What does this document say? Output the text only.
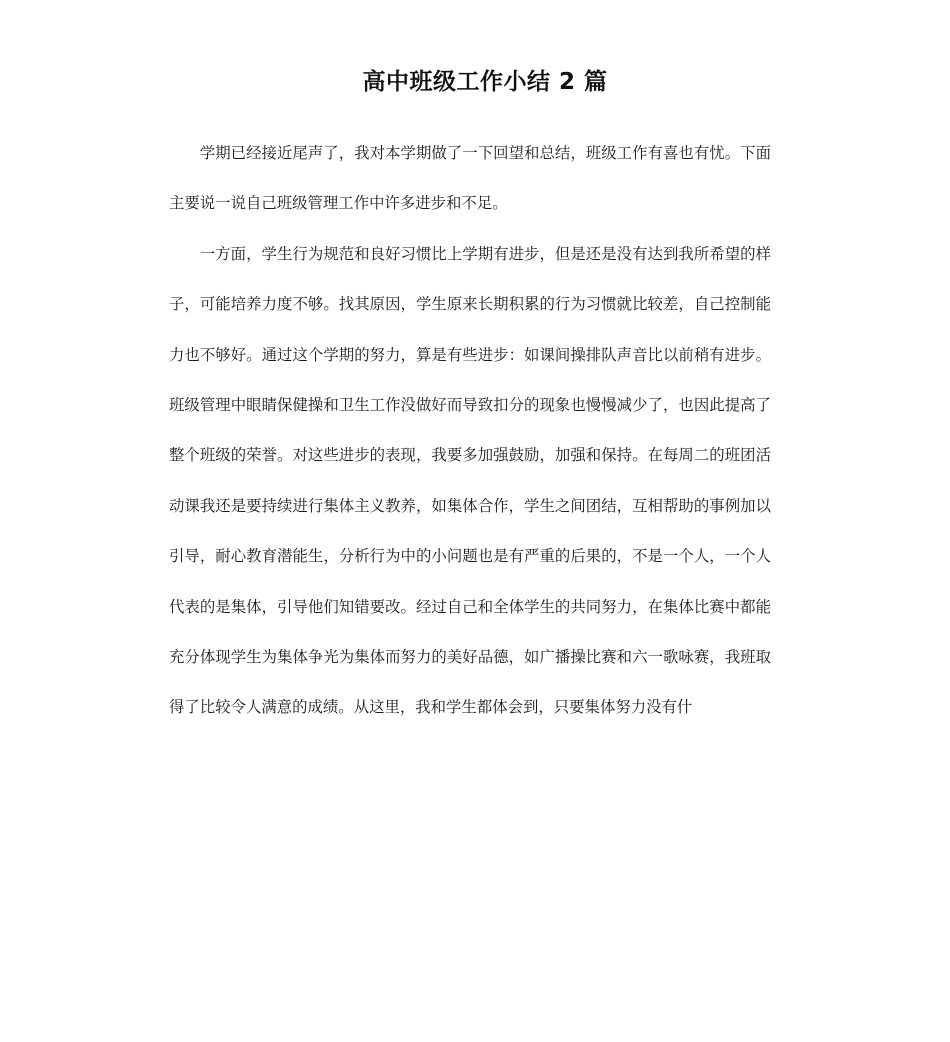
高中班级工作小结 2 篇

学期已经接近尾声了，我对本学期做了一下回望和总结，班级工作有喜也有忧。下面主要说一说自己班级管理工作中许多进步和不足。

一方面，学生行为规范和良好习惯比上学期有进步，但是还是没有达到我所希望的样子，可能培养力度不够。找其原因，学生原来长期积累的行为习惯就比较差，自己控制能力也不够好。通过这个学期的努力，算是有些进步：如课间操排队声音比以前稍有进步。班级管理中眼睛保健操和卫生工作没做好而导致扣分的现象也慢慢减少了，也因此提高了整个班级的荣誉。对这些进步的表现，我要多加强鼓励，加强和保持。在每周二的班团活动课我还是要持续进行集体主义教养，如集体合作，学生之间团结，互相帮助的事例加以引导，耐心教育潜能生，分析行为中的小问题也是有严重的后果的，不是一个人，一个人代表的是集体，引导他们知错要改。经过自己和全体学生的共同努力，在集体比赛中都能充分体现学生为集体争光为集体而努力的美好品德，如广播操比赛和六一歌咏赛，我班取得了比较令人满意的成绩。从这里，我和学生都体会到，只要集体努力没有什
